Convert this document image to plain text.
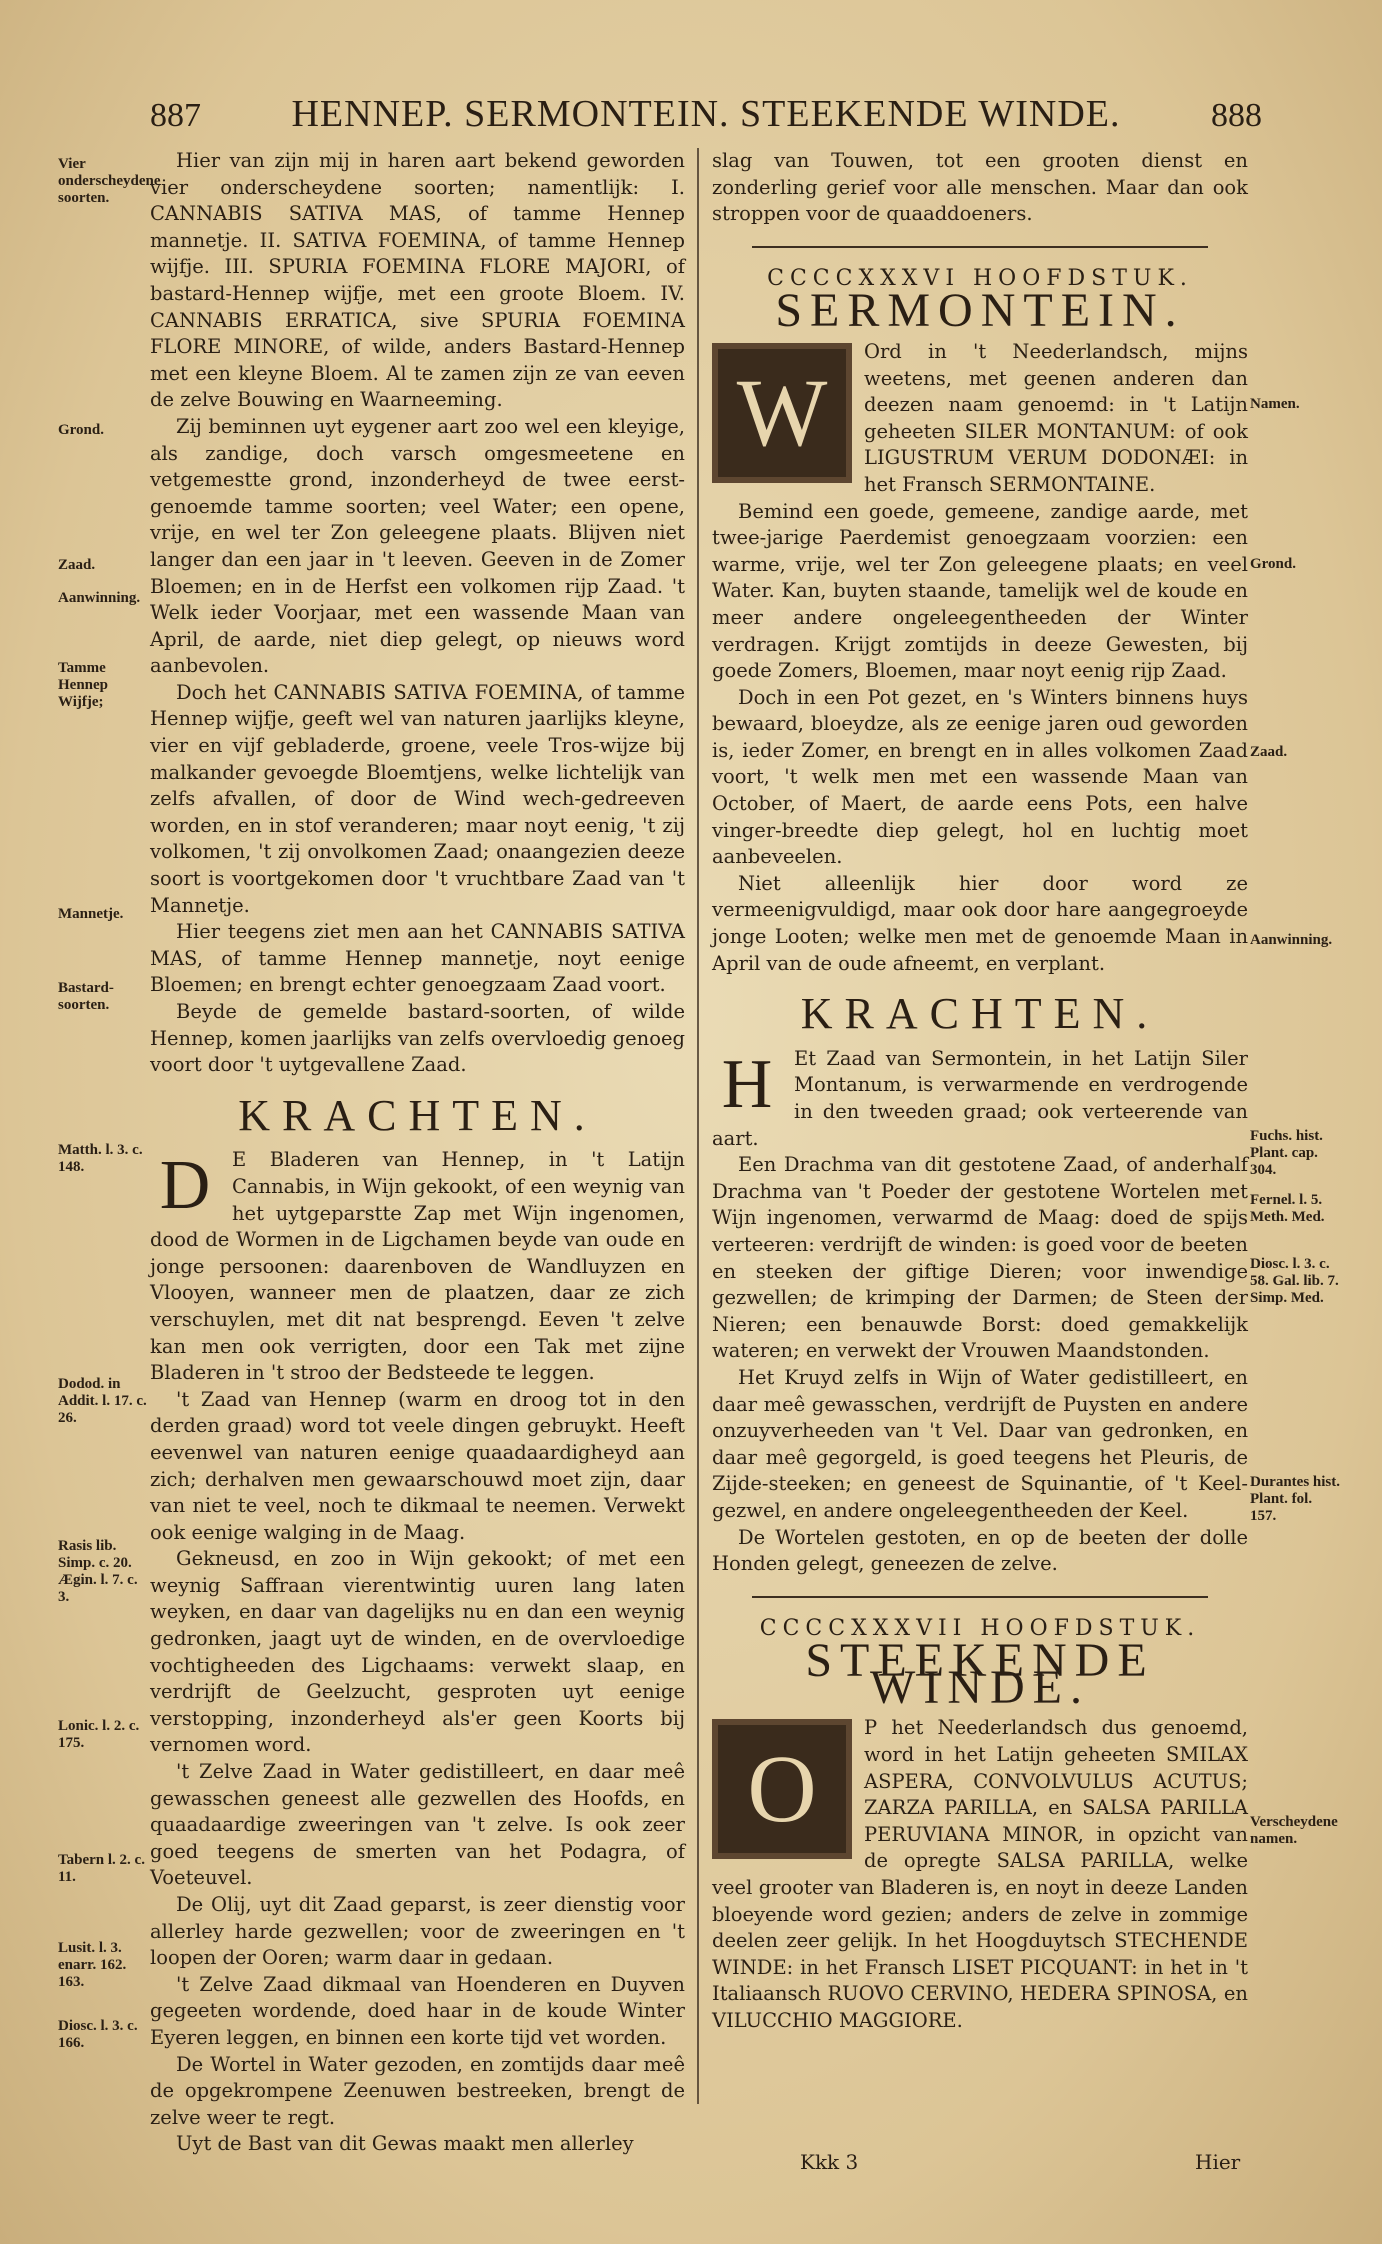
887 HENNEP. SERMONTEIN. STEEKENDE WINDE.	888
Vier onderscheydene soorten.
Grond.
Zaad.
Aanwinning.
Tamme Hennep Wijfje;
Mannetje.
Bastard-soorten.
Matth. l. 3. c. 148.
Dodod. in Addit. l. 17. c. 26.
Rasis lib. Simp. c. 20. Ægin. l. 7. c. 3.
Lonic. l. 2. c. 175.
Tabern l. 2. c. 11.
Lusit. l. 3. enarr. 162. 163.
Diosc. l. 3. c. 166.

Hier van zijn mij in haren aart bekend geworden vier onderscheydene soorten; namentlijk: I. CANNABIS SATIVA MAS, of tamme Hennep mannetje. II. SATIVA FOEMINA, of tamme Hennep wijfje. III. SPURIA FOEMINA FLORE MAJORI, of bastard-Hennep wijfje, met een groote Bloem. IV. CANNABIS ERRATICA, sive SPURIA FOEMINA FLORE MINORE, of wilde, anders Bastard-Hennep met een kleyne Bloem. Al te zamen zijn ze van eeven de zelve Bouwing en Waarneeming.

Zij beminnen uyt eygener aart zoo wel een kleyige, als zandige, doch varsch omgesmeetene en vetgemestte grond, inzonderheyd de twee eerst-genoemde tamme soorten; veel Water; een opene, vrije, en wel ter Zon geleegene plaats. Blijven niet langer dan een jaar in 't leeven. Geeven in de Zomer Bloemen; en in de Herfst een volkomen rijp Zaad. 't Welk ieder Voorjaar, met een wassende Maan van April, de aarde, niet diep gelegt, op nieuws word aanbevolen.

Doch het CANNABIS SATIVA FOEMINA, of tamme Hennep wijfje, geeft wel van naturen jaarlijks kleyne, vier en vijf gebladerde, groene, veele Tros-wijze bij malkander gevoegde Bloemtjens, welke lichtelijk van zelfs afvallen, of door de Wind wech-gedreeven worden, en in stof veranderen; maar noyt eenig, 't zij volkomen, 't zij onvolkomen Zaad; onaangezien deeze soort is voortgekomen door 't vruchtbare Zaad van 't Mannetje.

Hier teegens ziet men aan het CANNABIS SATIVA MAS, of tamme Hennep mannetje, noyt eenige Bloemen; en brengt echter genoegzaam Zaad voort.

Beyde de gemelde bastard-soorten, of wilde Hennep, komen jaarlijks van zelfs overvloedig genoeg voort door 't uytgevallene Zaad.

KRACHTEN.

D	E Bladeren van Hennep, in 't Latijn Cannabis, in Wijn gekookt, of een weynig van het uytgeparstte Zap met Wijn ingenomen, dood de Wormen in de Ligchamen beyde van oude en jonge persoonen: daarenboven de Wandluyzen en Vlooyen, wanneer men de plaatzen, daar ze zich verschuylen, met dit nat besprengd. Eeven 't zelve kan men ook verrigten, door een Tak met zijne Bladeren in 't stroo der Bedsteede te leggen.

't Zaad van Hennep (warm en droog tot in den derden graad) word tot veele dingen gebruykt. Heeft eevenwel van naturen eenige quaadaardigheyd aan zich; derhalven men gewaarschouwd moet zijn, daar van niet te veel, noch te dikmaal te neemen. Verwekt ook eenige walging in de Maag.

Gekneusd, en zoo in Wijn gekookt; of met een weynig Saffraan vierentwintig uuren lang laten weyken, en daar van dagelijks nu en dan een weynig gedronken, jaagt uyt de winden, en de overvloedige vochtigheeden des Ligchaams: verwekt slaap, en verdrijft de Geelzucht, gesproten uyt eenige verstopping, inzonderheyd als'er geen Koorts bij vernomen word.

't Zelve Zaad in Water gedistilleert, en daar meê gewasschen geneest alle gezwellen des Hoofds, en quaadaardige zweeringen van 't zelve. Is ook zeer goed teegens de smerten van het Podagra, of Voeteuvel.

De Olij, uyt dit Zaad geparst, is zeer dienstig voor allerley harde gezwellen; voor de zweeringen en 't loopen der Ooren; warm daar in gedaan.

't Zelve Zaad dikmaal van Hoenderen en Duyven gegeeten wordende, doed haar in de koude Winter Eyeren leggen, en binnen een korte tijd vet worden.

De Wortel in Water gezoden, en zomtijds daar meê de opgekrompene Zeenuwen bestreeken, brengt de zelve weer te regt.

Uyt de Bast van dit Gewas maakt men allerley

Namen.
Grond.
Zaad.
Aanwinning.
Fuchs. hist. Plant. cap. 304.
Fernel. l. 5. Meth. Med.
Diosc. l. 3. c. 58. Gal. lib. 7. Simp. Med.
Durantes hist. Plant. fol. 157.
Verscheydene namen.

slag van Touwen, tot een grooten dienst en zonderling gerief voor alle menschen. Maar dan ook stroppen voor de quaaddoeners.

CCCCXXXVI HOOFDSTUK.
SERMONTEIN.

W
Ord in 't Neederlandsch, mijns weetens, met geenen anderen dan deezen naam genoemd: in 't Latijn geheeten SILER MONTANUM: of ook LIGUSTRUM VERUM DODONÆI: in het Fransch SERMONTAINE.

Bemind een goede, gemeene, zandige aarde, met twee-jarige Paerdemist genoegzaam voorzien: een warme, vrije, wel ter Zon geleegene plaats; en veel Water. Kan, buyten staande, tamelijk wel de koude en meer andere ongeleegentheeden der Winter verdragen. Krijgt zomtijds in deeze Gewesten, bij goede Zomers, Bloemen, maar noyt eenig rijp Zaad.

Doch in een Pot gezet, en 's Winters binnens huys bewaard, bloeydze, als ze eenige jaren oud geworden is, ieder Zomer, en brengt en in alles volkomen Zaad voort, 't welk men met een wassende Maan van October, of Maert, de aarde eens Pots, een halve vinger-breedte diep gelegt, hol en luchtig moet aanbeveelen.

Niet alleenlijk hier door word ze vermeenigvuldigd, maar ook door hare aangegroeyde jonge Looten; welke men met de genoemde Maan in April van de oude afneemt, en verplant.

KRACHTEN.

H	Et Zaad van Sermontein, in het Latijn Siler Montanum, is verwarmende en verdrogende in den tweeden graad; ook verteerende van aart.

Een Drachma van dit gestotene Zaad, of anderhalf Drachma van 't Poeder der gestotene Wortelen met Wijn ingenomen, verwarmd de Maag: doed de spijs verteeren: verdrijft de winden: is goed voor de beeten en steeken der giftige Dieren; voor inwendige gezwellen; de krimping der Darmen; de Steen der Nieren; een benauwde Borst: doed gemakkelijk wateren; en verwekt der Vrouwen Maandstonden.

Het Kruyd zelfs in Wijn of Water gedistilleert, en daar meê gewasschen, verdrijft de Puysten en andere onzuyverheeden van 't Vel. Daar van gedronken, en daar meê gegorgeld, is goed teegens het Pleuris, de Zijde-steeken; en geneest de Squinantie, of 't Keel-gezwel, en andere ongeleegentheeden der Keel.

De Wortelen gestoten, en op de beeten der dolle Honden gelegt, geneezen de zelve.

CCCCXXXVII HOOFDSTUK.
STEEKENDE WINDE.

O
P het Neederlandsch dus genoemd, word in het Latijn geheeten SMILAX ASPERA, CONVOLVULUS ACUTUS; ZARZA PARILLA, en SALSA PARILLA PERUVIANA MINOR, in opzicht van de opregte SALSA PARILLA, welke veel grooter van Bladeren is, en noyt in deeze Landen bloeyende word gezien; anders de zelve in zommige deelen zeer gelijk. In het Hoogduytsch STECHENDE WINDE: in het Fransch LISET PICQUANT: in het in 't Italiaansch RUOVO CERVINO, HEDERA SPINOSA, en VILUCCHIO MAGGIORE.

Kkk 3	Hier
